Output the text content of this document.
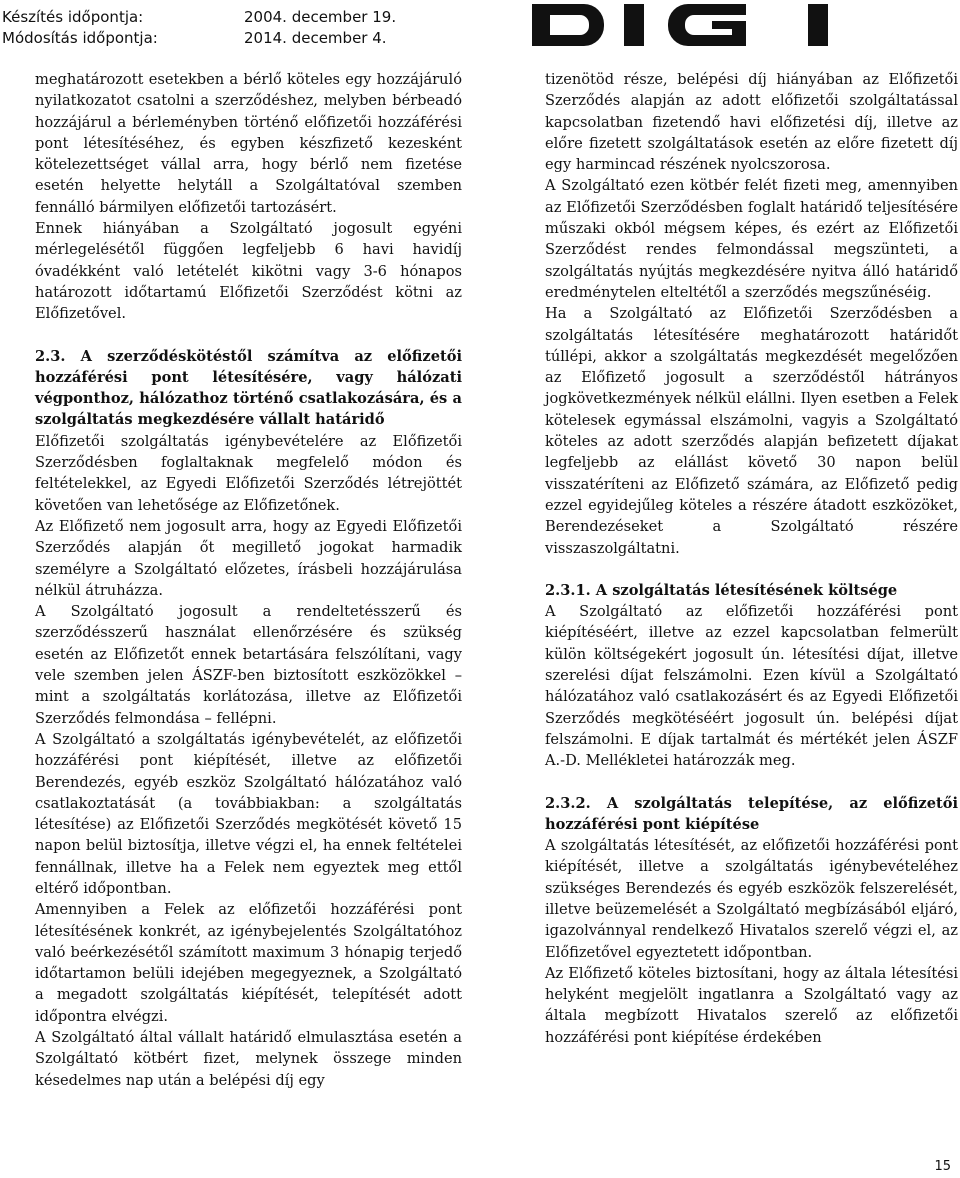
Készítés időpontja:
Módosítás időpontja:
2004. december 19.
2014. december 4.

meghatározott esetekben a bérlő köteles egy hozzájáruló nyilatkozatot csatolni a szerződéshez, melyben bérbeadó hozzájárul a bérleményben történő előfizetői hozzáférési pont létesítéséhez, és egyben készfizető kezesként kötelezettséget vállal arra, hogy bérlő nem fizetése esetén helyette helytáll a Szolgáltatóval szemben fennálló bármilyen előfizetői tartozásért.

Ennek hiányában a Szolgáltató jogosult egyéni mérlegelésétől függően legfeljebb 6 havi havidíj óvadékként való letételét kikötni vagy 3-6 hónapos határozott időtartamú Előfizetői Szerződést kötni az Előfizetővel.

2.3. A szerződéskötéstől számítva az előfizetői hozzáférési pont létesítésére, vagy hálózati végponthoz, hálózathoz történő csatlakozására, és a szolgáltatás megkezdésére vállalt határidő

Előfizetői szolgáltatás igénybevételére az Előfizetői Szerződésben foglaltaknak megfelelő módon és feltételekkel, az Egyedi Előfizetői Szerződés létrejöttét követően van lehetősége az Előfizetőnek.

Az Előfizető nem jogosult arra, hogy az Egyedi Előfizetői Szerződés alapján őt megillető jogokat harmadik személyre a Szolgáltató előzetes, írásbeli hozzájárulása nélkül átruházza.

A Szolgáltató jogosult a rendeltetésszerű és szerződésszerű használat ellenőrzésére és szükség esetén az Előfizetőt ennek betartására felszólítani, vagy vele szemben jelen ÁSZF-ben biztosított eszközökkel – mint a szolgáltatás korlátozása, illetve az Előfizetői Szerződés felmondása – fellépni.

A Szolgáltató a szolgáltatás igénybevételét, az előfizetői hozzáférési pont kiépítését, illetve az előfizetői Berendezés, egyéb eszköz Szolgáltató hálózatához való csatlakoztatását (a továbbiakban: a szolgáltatás létesítése) az Előfizetői Szerződés megkötését követő 15 napon belül biztosítja, illetve végzi el, ha ennek feltételei fennállnak, illetve ha a Felek nem egyeztek meg ettől eltérő időpontban.

Amennyiben a Felek az előfizetői hozzáférési pont létesítésének konkrét, az igénybejelentés Szolgáltatóhoz való beérkezésétől számított maximum 3 hónapig terjedő időtartamon belüli idejében megegyeznek, a Szolgáltató a megadott szolgáltatás kiépítését, telepítését adott időpontra elvégzi.

A Szolgáltató által vállalt határidő elmulasztása esetén a Szolgáltató kötbért fizet, melynek összege minden késedelmes nap után a belépési díj egy

tizenötöd része, belépési díj hiányában az Előfizetői Szerződés alapján az adott előfizetői szolgáltatással kapcsolatban fizetendő havi előfizetési díj, illetve az előre fizetett szolgáltatások esetén az előre fizetett díj egy harmincad részének nyolcszorosa.

A Szolgáltató ezen kötbér felét fizeti meg, amennyiben az Előfizetői Szerződésben foglalt határidő teljesítésére műszaki okból mégsem képes, és ezért az Előfizetői Szerződést rendes felmondással megszünteti, a szolgáltatás nyújtás megkezdésére nyitva álló határidő eredménytelen elteltétől a szerződés megszűnéséig.

Ha a Szolgáltató az Előfizetői Szerződésben a szolgáltatás létesítésére meghatározott határidőt túllépi, akkor a szolgáltatás megkezdését megelőzően az Előfizető jogosult a szerződéstől hátrányos jogkövetkezmények nélkül elállni. Ilyen esetben a Felek kötelesek egymással elszámolni, vagyis a Szolgáltató köteles az adott szerződés alapján befizetett díjakat legfeljebb az elállást követő 30 napon belül visszatéríteni az Előfizető számára, az Előfizető pedig ezzel egyidejűleg köteles a részére átadott eszközöket, Berendezéseket a Szolgáltató részére visszaszolgáltatni.

2.3.1. A szolgáltatás létesítésének költsége

A Szolgáltató az előfizetői hozzáférési pont kiépítéséért, illetve az ezzel kapcsolatban felmerült külön költségekért jogosult ún. létesítési díjat, illetve szerelési díjat felszámolni. Ezen kívül a Szolgáltató hálózatához való csatlakozásért és az Egyedi Előfizetői Szerződés megkötéséért jogosult ún. belépési díjat felszámolni. E díjak tartalmát és mértékét jelen ÁSZF A.-D. Mellékletei határozzák meg.

2.3.2. A szolgáltatás telepítése, az előfizetői hozzáférési pont kiépítése

A szolgáltatás létesítését, az előfizetői hozzáférési pont kiépítését, illetve a szolgáltatás igénybevételéhez szükséges Berendezés és egyéb eszközök felszerelését, illetve beüzemelését a Szolgáltató megbízásából eljáró, igazolvánnyal rendelkező Hivatalos szerelő végzi el, az Előfizetővel egyeztetett időpontban.

Az Előfizető köteles biztosítani, hogy az általa létesítési helyként megjelölt ingatlanra a Szolgáltató vagy az általa megbízott Hivatalos szerelő az előfizetői hozzáférési pont kiépítése érdekében

15
